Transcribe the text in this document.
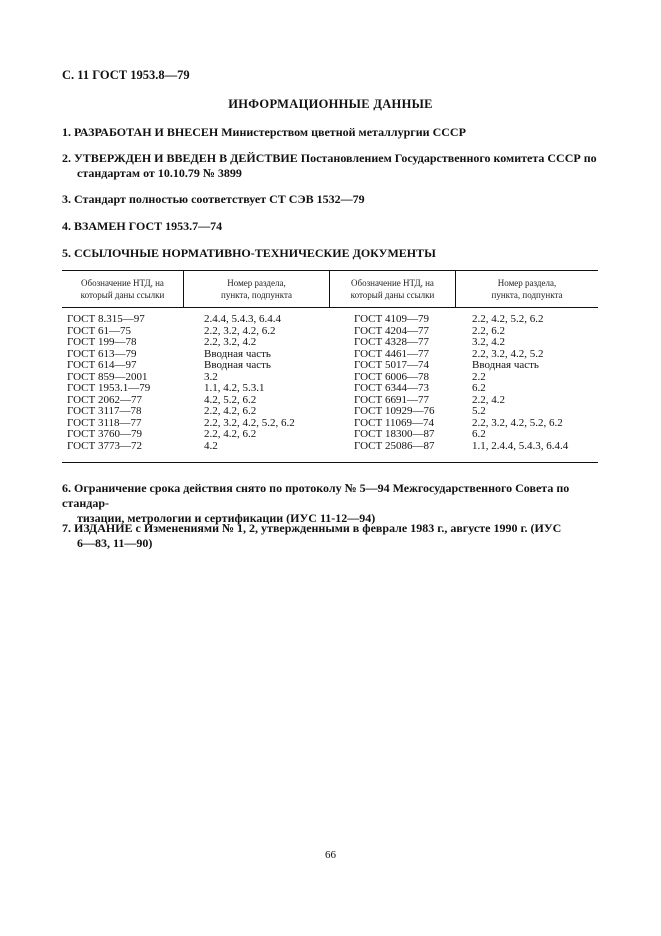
С. 11 ГОСТ 1953.8—79
ИНФОРМАЦИОННЫЕ ДАННЫЕ
1. РАЗРАБОТАН И ВНЕСЕН Министерством цветной металлургии СССР
2. УТВЕРЖДЕН И ВВЕДЕН В ДЕЙСТВИЕ Постановлением Государственного комитета СССР по
стандартам от 10.10.79 № 3899
3. Стандарт полностью соответствует СТ СЭВ 1532—79
4. ВЗАМЕН ГОСТ 1953.7—74
5. ССЫЛОЧНЫЕ НОРМАТИВНО-ТЕХНИЧЕСКИЕ ДОКУМЕНТЫ
Обозначение НТД, на
который даны ссылки
Номер раздела,
пункта, подпункта
Обозначение НТД, на
который даны ссылки
Номер раздела,
пункта, подпункта
ГОСТ 8.315—97
ГОСТ 61—75
ГОСТ 199—78
ГОСТ 613—79
ГОСТ 614—97
ГОСТ 859—2001
ГОСТ 1953.1—79
ГОСТ 2062—77
ГОСТ 3117—78
ГОСТ 3118—77
ГОСТ 3760—79
ГОСТ 3773—72
2.4.4, 5.4.3, 6.4.4
2.2, 3.2, 4.2, 6.2
2.2, 3.2, 4.2
Вводная часть
Вводная часть
3.2
1.1, 4.2, 5.3.1
4.2, 5.2, 6.2
2.2, 4.2, 6.2
2.2, 3.2, 4.2, 5.2, 6.2
2.2, 4.2, 6.2
4.2
ГОСТ 4109—79
ГОСТ 4204—77
ГОСТ 4328—77
ГОСТ 4461—77
ГОСТ 5017—74
ГОСТ 6006—78
ГОСТ 6344—73
ГОСТ 6691—77
ГОСТ 10929—76
ГОСТ 11069—74
ГОСТ 18300—87
ГОСТ 25086—87
2.2, 4.2, 5.2, 6.2
2.2, 6.2
3.2, 4.2
2.2, 3.2, 4.2, 5.2
Вводная часть
2.2
6.2
2.2, 4.2
5.2
2.2, 3.2, 4.2, 5.2, 6.2
6.2
1.1, 2.4.4, 5.4.3, 6.4.4
6. Ограничение срока действия снято по протоколу № 5—94 Межгосударственного Совета по стандар-
тизации, метрологии и сертификации (ИУС 11-12—94)
7. ИЗДАНИЕ с Изменениями № 1, 2, утвержденными в феврале 1983 г., августе 1990 г. (ИУС
6—83, 11—90)
66
